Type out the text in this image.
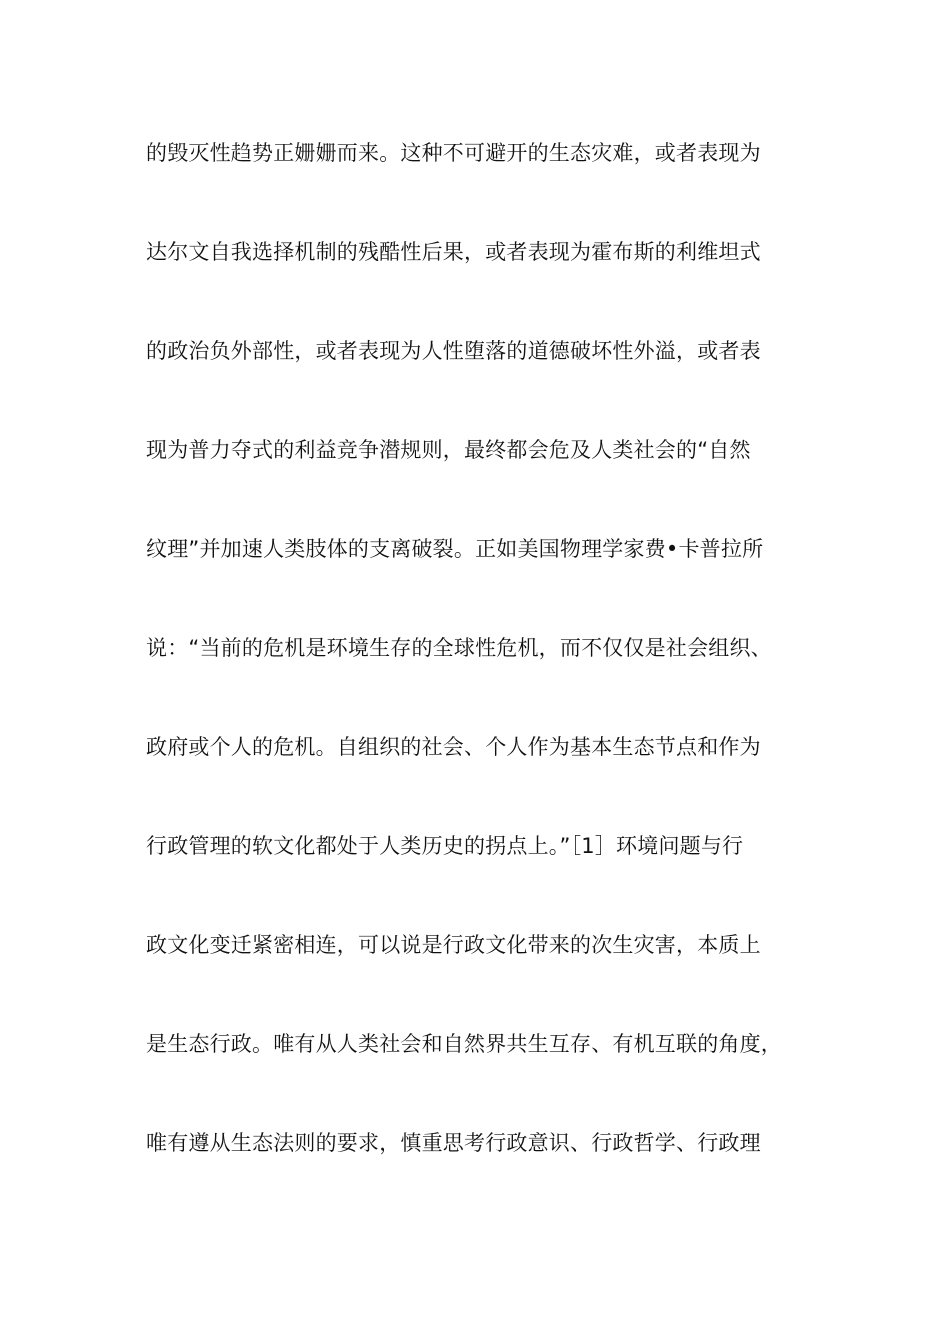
的毁灭性趋势正姗姗而来。这种不可避开的生态灾难，或者表现为
达尔文自我选择机制的残酷性后果，或者表现为霍布斯的利维坦式
的政治负外部性，或者表现为人性堕落的道德破坏性外溢，或者表
现为普力夺式的利益竞争潜规则，最终都会危及人类社会的“自然
纹理”并加速人类肢体的支离破裂。正如美国物理学家费•卡普拉所
说：“当前的危机是环境生存的全球性危机，而不仅仅是社会组织、
政府或个人的危机。自组织的社会、个人作为基本生态节点和作为
行政管理的软文化都处于人类历史的拐点上。”［1］环境问题与行
政文化变迁紧密相连，可以说是行政文化带来的次生灾害，本质上
是生态行政。唯有从人类社会和自然界共生互存、有机互联的角度，
唯有遵从生态法则的要求，慎重思考行政意识、行政哲学、行政理
